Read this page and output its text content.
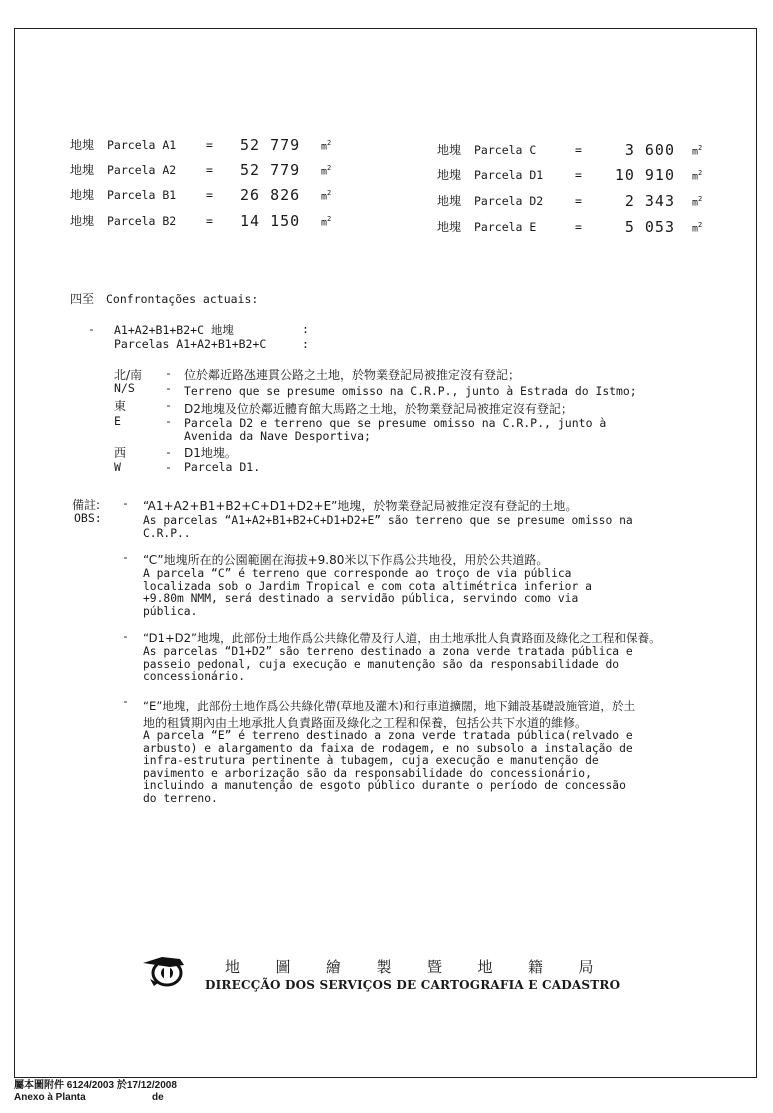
地塊 Parcela A1	= 52 779 $m^2$
地塊 Parcela A2	= 52 779 $m^2$
地塊 Parcela B1	= 26 826 $m^2$
地塊 Parcela B2	= 14 150 $m^2$
地塊 Parcela C	=	3 600 $m^2$
地塊 Parcela D1	=	10 910 $m^2$
地塊 Parcela D2	=	2 343 $m^2$
地塊 Parcela E	=	5 053 $m^2$
四至 Confrontações actuais:
- A1+A2+B1+B2+C 地塊	:
Parcelas A1+A2+B1+B2+C	:
北/南 - 位於鄰近路氹連貫公路之土地，於物業登記局被推定沒有登記；
N/S	- Terreno que se presume omisso na C.R.P., junto à Estrada do Istmo;
東	- D2地塊及位於鄰近體育館大馬路之土地，於物業登記局被推定沒有登記；
E	- Parcela D2 e terreno que se presume omisso na C.R.P., junto à
Avenida da Nave Desportiva;
西	- D1地塊。
W	- Parcela D1.
備註:
OBS:
- “A1+A2+B1+B2+C+D1+D2+E”地塊，於物業登記局被推定沒有登記的土地。
As parcelas “A1+A2+B1+B2+C+D1+D2+E” são terreno que se presume omisso na
C.R.P..
- “C”地塊所在的公園範圍在海拔+9.80米以下作爲公共地役，用於公共道路。
A parcela “C” é terreno que corresponde ao troço de via pública
localizada sob o Jardim Tropical e com cota altimétrica inferior a
+9.80m NMM, será destinado a servidão pública, servindo como via
pública.
- “D1+D2”地塊，此部份土地作爲公共綠化帶及行人道，由土地承批人負責路面及綠化之工程和保養。
As parcelas “D1+D2” são terreno destinado a zona verde tratada pública e
passeio pedonal, cuja execução e manutenção são da responsabilidade do
concessionário.
- “E”地塊，此部份土地作爲公共綠化帶(草地及灌木)和行車道擴闊，地下鋪設基礎設施管道，於土
地的租賃期內由土地承批人負責路面及綠化之工程和保養，包括公共下水道的維修。
A parcela “E” é terreno destinado a zona verde tratada pública(relvado e
arbusto) e alargamento da faixa de rodagem, e no subsolo a instalação de
infra-estrutura pertinente à tubagem, cuja execução e manutenção de
pavimento e arborização são da responsabilidade do concessionário,
incluindo a manutenção de esgoto público durante o período de concessão
do terreno.
地 圖 繪 製 暨 地 籍 局
DIRECÇÃO DOS SERVIÇOS DE CARTOGRAFIA E CADASTRO
屬本圖附件 6124/2003 於17/12/2008
Anexo à Planta	de
